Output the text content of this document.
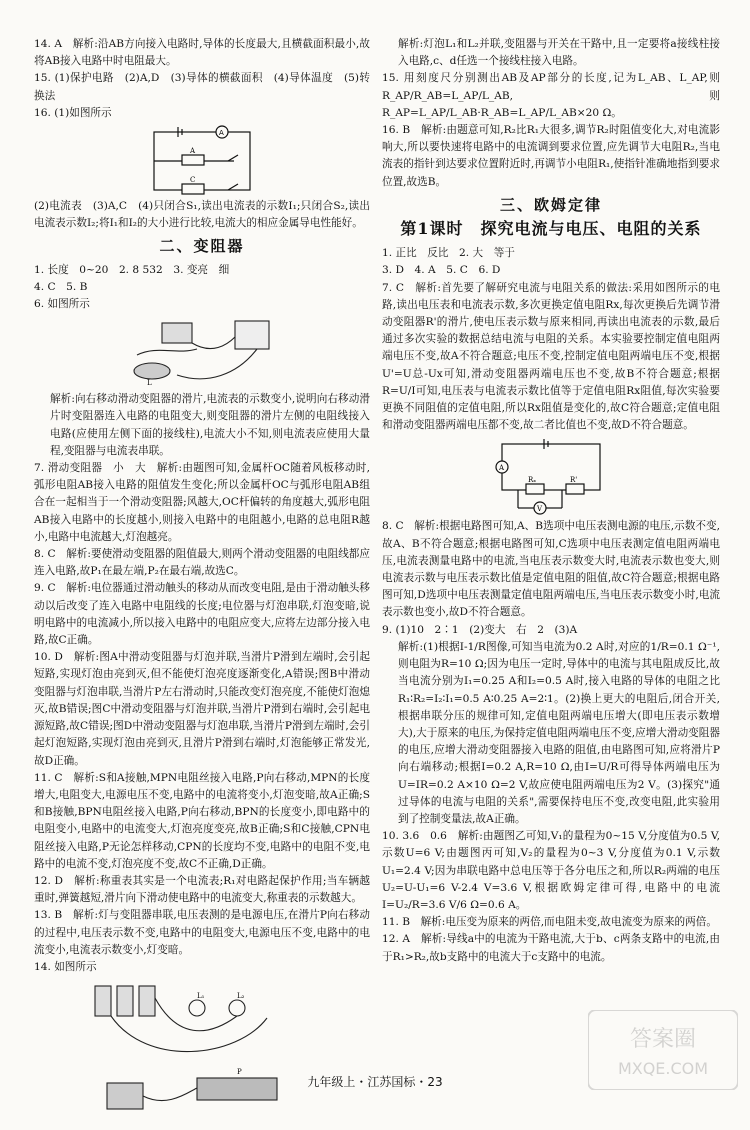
14. A　解析:沿AB方向接入电路时,导体的长度最大,且横截面积最小,故将AB接入电路中时电阻最大。

15. (1)保护电路　(2)A,D　(3)导体的横截面积　(4)导体温度　(5)转换法

16. (1)如图所示

A
A
C

(2)电流表　(3)A,C　(4)只闭合S₁,读出电流表的示数I₁;只闭合S₂,读出电流表示数I₂;将I₁和I₂的大小进行比较,电流大的相应金属导电性能好。

二、变阻器

1. 长度　0~20　2. 8 532　3. 变亮　细

4. C　5. B

6. 如图所示

L

解析:向右移动滑动变阻器的滑片,电流表的示数变小,说明向右移动滑片时变阻器连入电路的电阻变大,则变阻器的滑片左侧的电阻线接入电路(应使用左侧下面的接线柱),电流大小不知,则电流表应使用大量程,变阻器与电流表串联。

7. 滑动变阻器　小　大　解析:由题图可知,金属杆OC随着风板移动时,弧形电阻AB接入电路的阻值发生变化;所以金属杆OC与弧形电阻AB组合在一起相当于一个滑动变阻器;风越大,OC杆偏转的角度越大,弧形电阻AB接入电路中的长度越小,则接入电路中的电阻越小,电路的总电阻R越小,电路中电流越大,灯泡越亮。

8. C　解析:要使滑动变阻器的阻值最大,则两个滑动变阻器的电阻线都应连入电路,故P₁在最左端,P₂在最右端,故选C。

9. C　解析:电位器通过滑动触头的移动从而改变电阻,是由于滑动触头移动以后改变了连入电路中电阻线的长度;电位器与灯泡串联,灯泡变暗,说明电路中的电流减小,所以接入电路中的电阻应变大,应将左边部分接入电路,故C正确。

10. D　解析:图A中滑动变阻器与灯泡并联,当滑片P滑到左端时,会引起短路,实现灯泡由亮到灭,但不能使灯泡亮度逐渐变化,A错误;图B中滑动变阻器与灯泡串联,当滑片P左右滑动时,只能改变灯泡亮度,不能使灯泡熄灭,故B错误;图C中滑动变阻器与灯泡并联,当滑片P滑到右端时,会引起电源短路,故C错误;图D中滑动变阻器与灯泡串联,当滑片P滑到左端时,会引起灯泡短路,实现灯泡由亮到灭,且滑片P滑到右端时,灯泡能够正常发光,故D正确。

11. C　解析:S和A接触,MPN电阻丝接入电路,P向右移动,MPN的长度增大,电阻变大,电源电压不变,电路中的电流将变小,灯泡变暗,故A正确;S和B接触,BPN电阻丝接入电路,P向右移动,BPN的长度变小,即电路中的电阻变小,电路中的电流变大,灯泡亮度变亮,故B正确;S和C接触,CPN电阻丝接入电路,P无论怎样移动,CPN的长度均不变,电路中的电阻不变,电路中的电流不变,灯泡亮度不变,故C不正确,D正确。

12. D　解析:称重表其实是一个电流表;R₁对电路起保护作用;当车辆越重时,弹簧越短,滑片向下滑动使电路中的电流变大,称重表的示数越大。

13. B　解析:灯与变阻器串联,电压表测的是电源电压,在滑片P向右移动的过程中,电压表示数不变,电路中的电阻变大,电源电压不变,电路中的电流变小,电流表示数变小,灯变暗。

14. 如图所示

L₁	L₂
P

解析:灯泡L₁和L₂并联,变阻器与开关在干路中,且一定要将a接线柱接入电路,c、d任选一个接线柱接入电路。

15. 用刻度尺分别测出AB及AP部分的长度,记为L_AB、L_AP,则R_AP/R_AB=L_AP/L_AB,则R_AP=L_AP/L_AB·R_AB=L_AP/L_AB×20 Ω。

16. B　解析:由题意可知,R₂比R₁大很多,调节R₂时阻值变化大,对电流影响大,所以要快速将电路中的电流调到要求位置,应先调节大电阻R₂,当电流表的指针到达要求位置附近时,再调节小电阻R₁,使指针准确地指到要求位置,故选B。

三、欧姆定律
第1课时　探究电流与电压、电阻的关系

1. 正比　反比　2. 大　等于

3. D　4. A　5. C　6. D

7. C　解析:首先要了解研究电流与电阻关系的做法:采用如图所示的电路,读出电压表和电流表示数,多次更换定值电阻Rx,每次更换后先调节滑动变阻器R'的滑片,使电压表示数与原来相同,再读出电流表的示数,最后通过多次实验的数据总结电流与电阻的关系。本实验要控制定值电阻两端电压不变,故A不符合题意;电压不变,控制定值电阻两端电压不变,根据U'=U总-Ux可知,滑动变阻器两端电压也不变,故B不符合题意;根据R=U/I可知,电压表与电流表示数比值等于定值电阻Rx阻值,每次实验要更换不同阻值的定值电阻,所以Rx阻值是变化的,故C符合题意;定值电阻和滑动变阻器两端电压都不变,故二者比值也不变,故D不符合题意。

A
V
Rₓ	R'

8. C　解析:根据电路图可知,A、B选项中电压表测电源的电压,示数不变,故A、B不符合题意;根据电路图可知,C选项中电压表测定值电阻两端电压,电流表测量电路中的电流,当电压表示数变大时,电流表示数也变大,则电流表示数与电压表示数比值是定值电阻的阻值,故C符合题意;根据电路图可知,D选项中电压表测量定值电阻两端电压,当电压表示数变小时,电流表示数也变小,故D不符合题意。

9. (1)10　2∶1　(2)变大　右　2　(3)A

解析:(1)根据I-1/R图像,可知当电流为0.2 A时,对应的1/R=0.1 Ω⁻¹,则电阻为R=10 Ω;因为电压一定时,导体中的电流与其电阻成反比,故当电流分别为I₁=0.25 A和I₂=0.5 A时,接入电路的导体的电阻之比R₁∶R₂=I₂∶I₁=0.5 A∶0.25 A=2∶1。(2)换上更大的电阻后,闭合开关,根据串联分压的规律可知,定值电阻两端电压增大(即电压表示数增大),大于原来的电压,为保持定值电阻两端电压不变,应增大滑动变阻器的电压,应增大滑动变阻器接入电路的阻值,由电路图可知,应将滑片P向右端移动;根据I=0.2 A,R=10 Ω,由I=U/R可得导体两端电压为U=IR=0.2 A×10 Ω=2 V,故应使电阻两端电压为2 V。(3)探究"通过导体的电流与电阻的关系",需要保持电压不变,改变电阻,此实验用到了控制变量法,故A正确。

10. 3.6　0.6　解析:由题图乙可知,V₁的量程为0~15 V,分度值为0.5 V,示数U=6 V;由题图丙可知,V₂的量程为0~3 V,分度值为0.1 V,示数U₁=2.4 V;因为串联电路中总电压等于各分电压之和,所以R₂两端的电压U₂=U-U₁=6 V-2.4 V=3.6 V,根据欧姆定律可得,电路中的电流I=U₂/R=3.6 V/6 Ω=0.6 A。

11. B　解析:电压变为原来的两倍,而电阻未变,故电流变为原来的两倍。

12. A　解析:导线a中的电流为干路电流,大于b、c两条支路中的电流,由于R₁>R₂,故b支路中的电流大于c支路中的电流。

九年级上・江苏国标・23
答案圈
MXQE.COM
